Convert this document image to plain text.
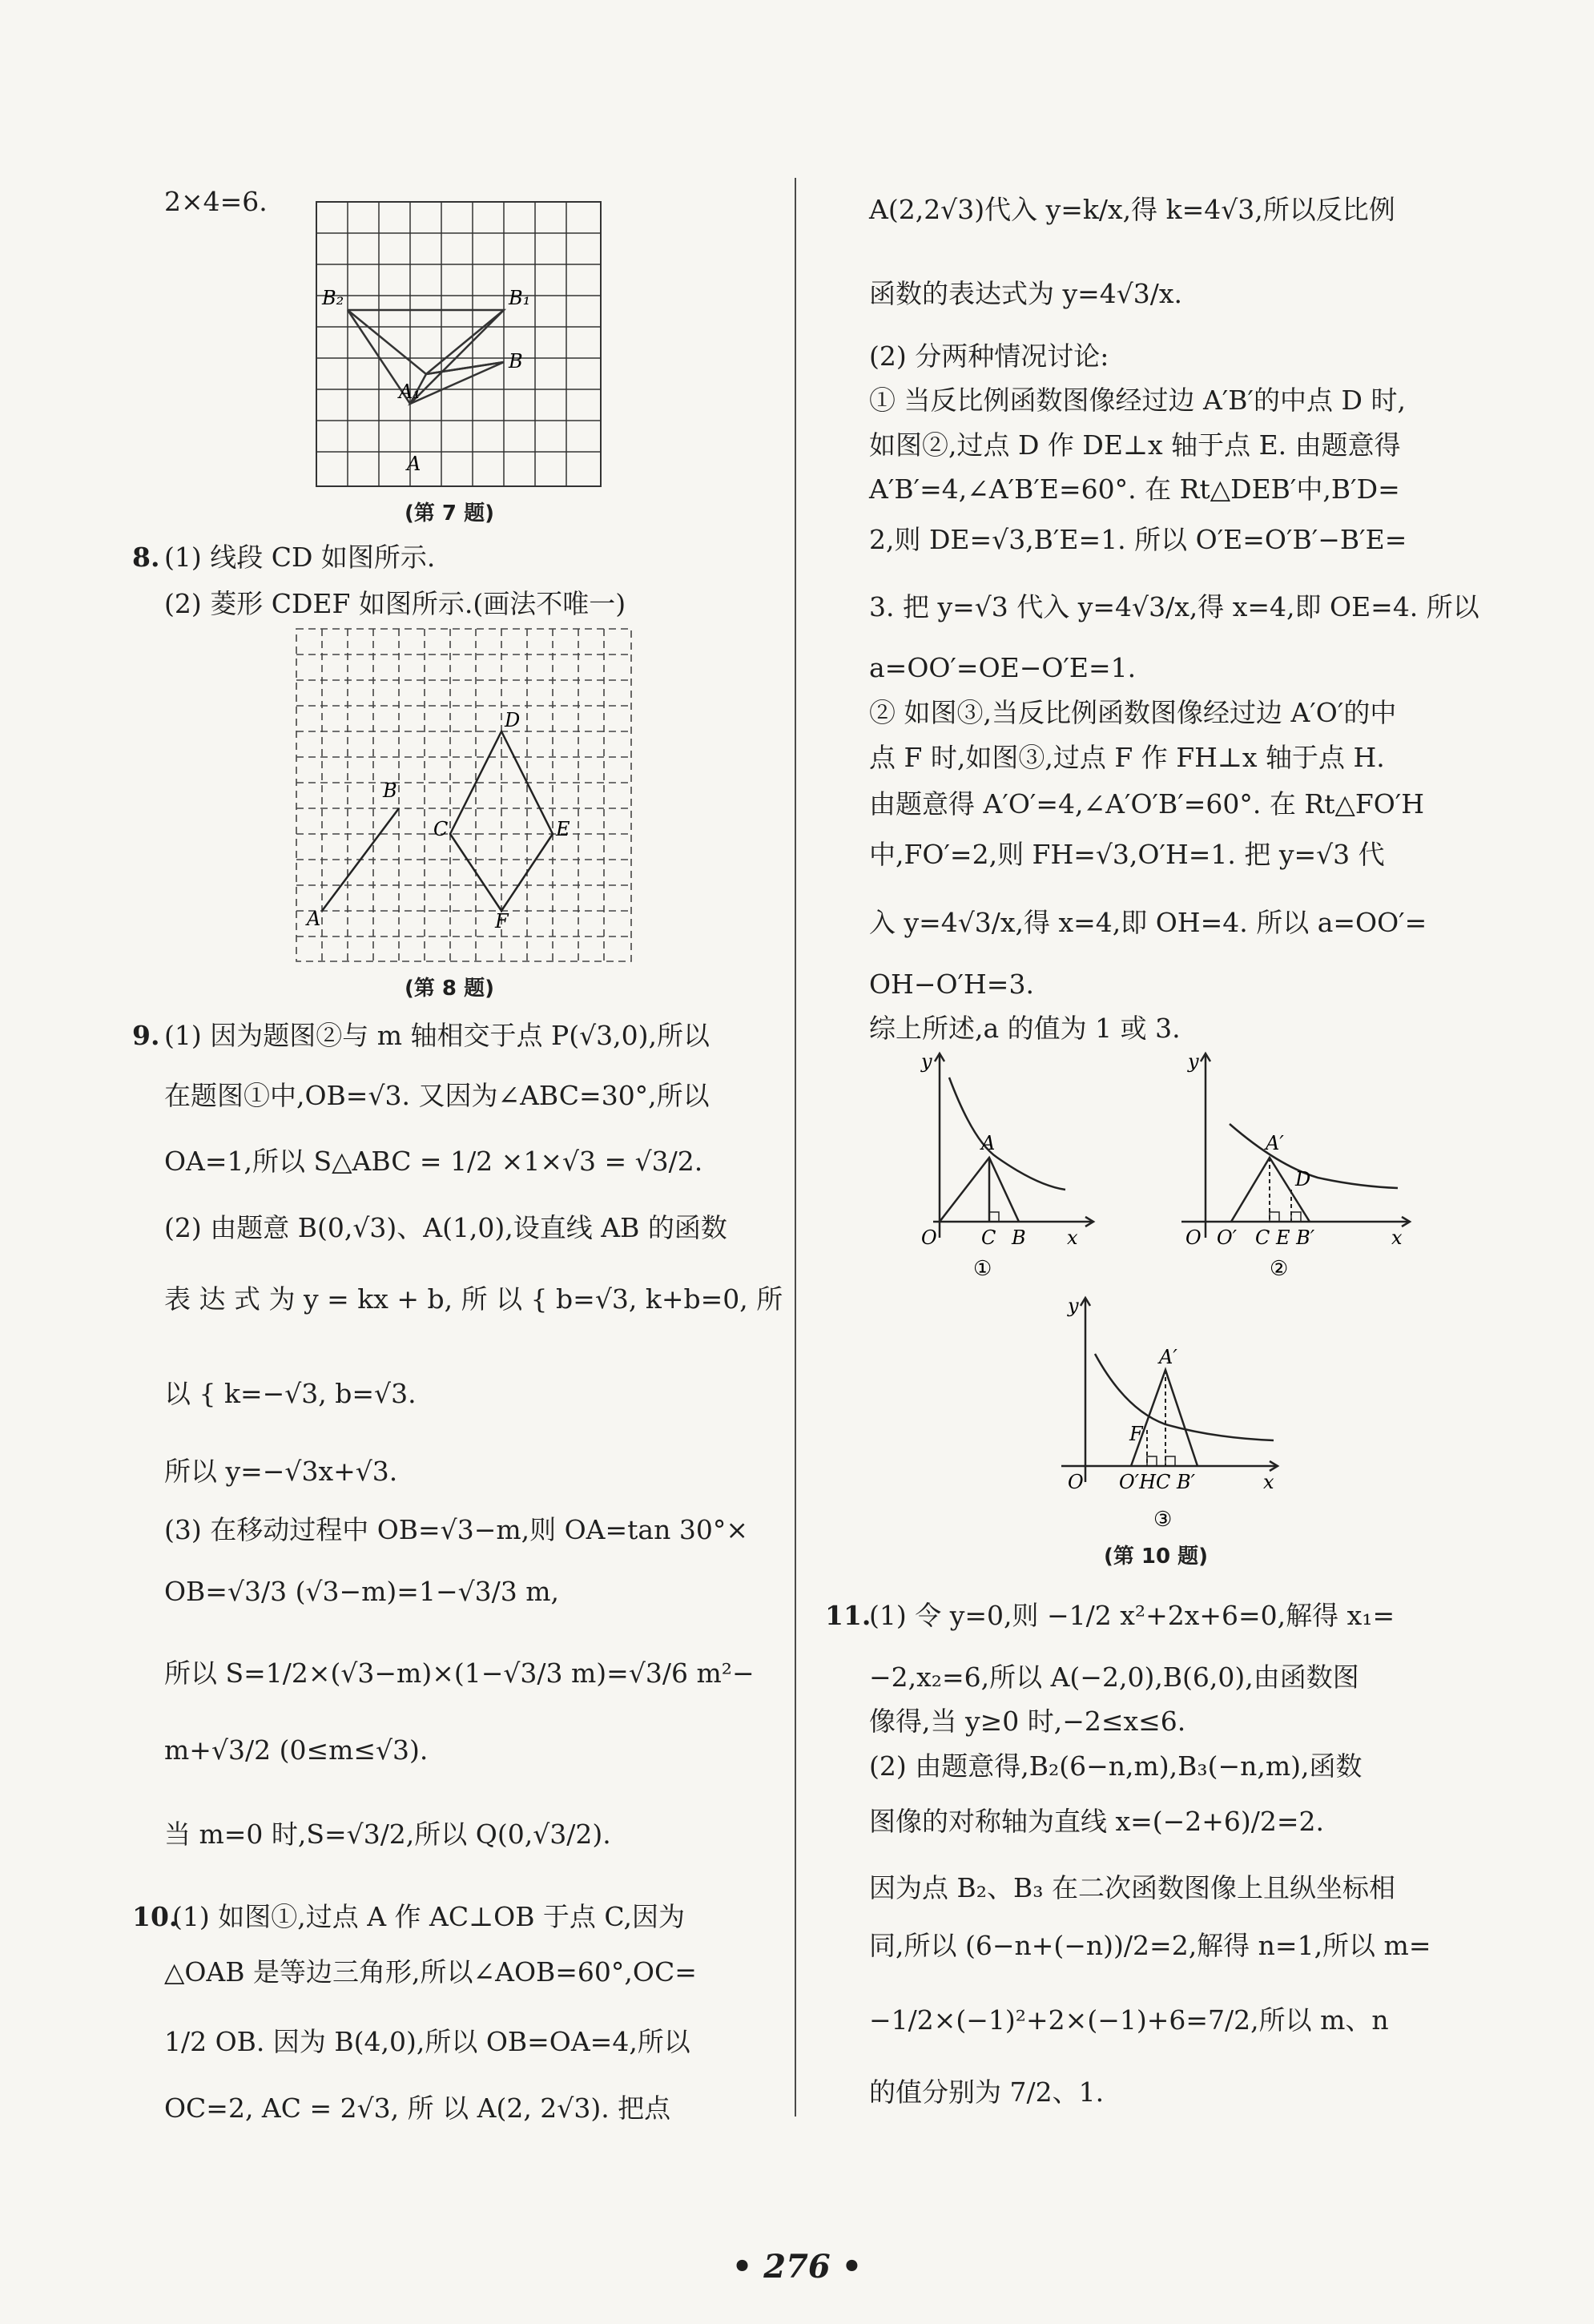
2×4=6.
B₂	B₁
B
A₁
A
(第 7 题)
8. (1) 线段 CD 如图所示.
(2) 菱形 CDEF 如图所示.(画法不唯一)
D
B
C	E
A	F
(第 8 题)
9. (1) 因为题图②与 m 轴相交于点 P(√3,0),所以
在题图①中,OB=√3. 又因为∠ABC=30°,所以
OA=1,所以 S△ABC = 1/2 ×1×√3 = √3/2.
(2) 由题意 B(0,√3)、A(1,0),设直线 AB 的函数
表 达 式 为 y = kx + b, 所 以 { b=√3, k+b=0, 所
以 { k=−√3, b=√3.
所以 y=−√3x+√3.
(3) 在移动过程中 OB=√3−m,则 OA=tan 30°×
OB=√3/3 (√3−m)=1−√3/3 m,
所以 S=1/2×(√3−m)×(1−√3/3 m)=√3/6 m²−
m+√3/2 (0≤m≤√3).
当 m=0 时,S=√3/2,所以 Q(0,√3/2).
10.
(1) 如图①,过点 A 作 AC⊥OB 于点 C,因为
△OAB 是等边三角形,所以∠AOB=60°,OC=
1/2 OB. 因为 B(4,0),所以 OB=OA=4,所以
OC=2, AC = 2√3, 所 以 A(2, 2√3). 把点
A(2,2√3)代入 y=k/x,得 k=4√3,所以反比例
函数的表达式为 y=4√3/x.
(2) 分两种情况讨论:
① 当反比例函数图像经过边 A′B′的中点 D 时,
如图②,过点 D 作 DE⊥x 轴于点 E. 由题意得
A′B′=4,∠A′B′E=60°. 在 Rt△DEB′中,B′D=
2,则 DE=√3,B′E=1. 所以 O′E=O′B′−B′E=
3. 把 y=√3 代入 y=4√3/x,得 x=4,即 OE=4. 所以
a=OO′=OE−O′E=1.
② 如图③,当反比例函数图像经过边 A′O′的中
点 F 时,如图③,过点 F 作 FH⊥x 轴于点 H.
由题意得 A′O′=4,∠A′O′B′=60°. 在 Rt△FO′H
中,FO′=2,则 FH=√3,O′H=1. 把 y=√3 代
入 y=4√3/x,得 x=4,即 OH=4. 所以 a=OO′=
OH−O′H=3.
综上所述,a 的值为 1 或 3.
y
A
O C B x
①
y
A′
D
O O′ C E B′	x
②
y
A′
F
O O′HC B′	x
③
(第 10 题)
11.
(1) 令 y=0,则 −1/2 x²+2x+6=0,解得 x₁=
−2,x₂=6,所以 A(−2,0),B(6,0),由函数图
像得,当 y≥0 时,−2≤x≤6.
(2) 由题意得,B₂(6−n,m),B₃(−n,m),函数
图像的对称轴为直线 x=(−2+6)/2=2.
因为点 B₂、B₃ 在二次函数图像上且纵坐标相
同,所以 (6−n+(−n))/2=2,解得 n=1,所以 m=
−1/2×(−1)²+2×(−1)+6=7/2,所以 m、n
的值分别为 7/2、1.
• 276 •
